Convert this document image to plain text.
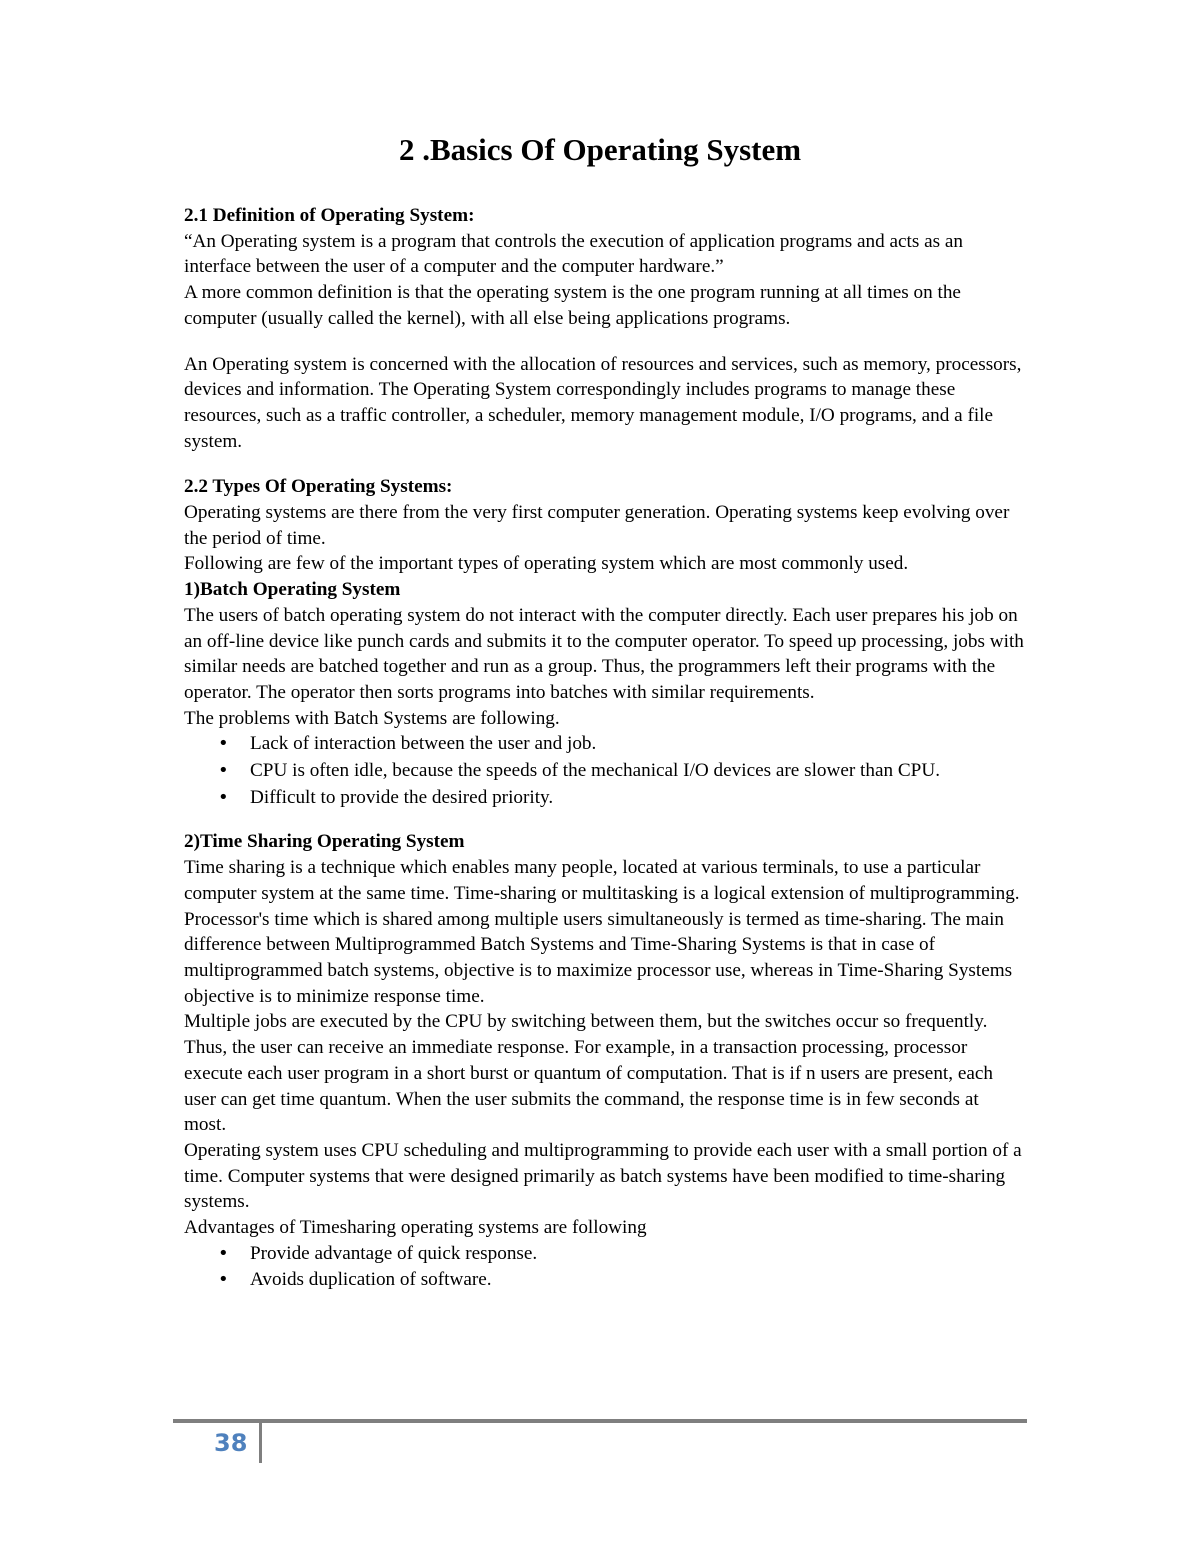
2 .Basics Of Operating System
2.1 Definition of Operating System:

“An Operating system is a program that controls the execution of application programs and acts as an interface between the user of a computer and the computer hardware.”

A more common definition is that the operating system is the one program running at all times on the computer (usually called the kernel), with all else being applications programs.

An Operating system is concerned with the allocation of resources and services, such as memory, processors, devices and information. The Operating System correspondingly includes programs to manage these resources, such as a traffic controller, a scheduler, memory management module, I/O programs, and a file system.

2.2 Types Of Operating Systems:

Operating systems are there from the very first computer generation. Operating systems keep evolving over the period of time.

Following are few of the important types of operating system which are most commonly used.

1)Batch Operating System

The users of batch operating system do not interact with the computer directly. Each user prepares his job on an off-line device like punch cards and submits it to the computer operator. To speed up processing, jobs with similar needs are batched together and run as a group. Thus, the programmers left their programs with the operator. The operator then sorts programs into batches with similar requirements.

The problems with Batch Systems are following.

• Lack of interaction between the user and job.
• CPU is often idle, because the speeds of the mechanical I/O devices are slower than CPU.
• Difficult to provide the desired priority.
2)Time Sharing Operating System

Time sharing is a technique which enables many people, located at various terminals, to use a particular computer system at the same time. Time-sharing or multitasking is a logical extension of multiprogramming. Processor's time which is shared among multiple users simultaneously is termed as time-sharing. The main difference between Multiprogrammed Batch Systems and Time-Sharing Systems is that in case of multiprogrammed batch systems, objective is to maximize processor use, whereas in Time-Sharing Systems objective is to minimize response time.

Multiple jobs are executed by the CPU by switching between them, but the switches occur so frequently. Thus, the user can receive an immediate response. For example, in a transaction processing, processor execute each user program in a short burst or quantum of computation. That is if n users are present, each user can get time quantum. When the user submits the command, the response time is in few seconds at most.

Operating system uses CPU scheduling and multiprogramming to provide each user with a small portion of a time. Computer systems that were designed primarily as batch systems have been modified to time-sharing systems.

Advantages of Timesharing operating systems are following

• Provide advantage of quick response.
• Avoids duplication of software.
38
